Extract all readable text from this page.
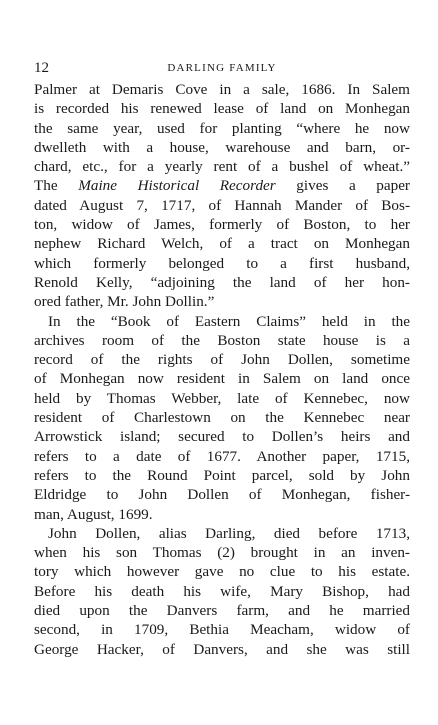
12	DARLING FAMILY
Palmer at Demaris Cove in a sale, 1686. In Salem
is recorded his renewed lease of land on Monhegan
the same year, used for planting “where he now
dwelleth with a house, warehouse and barn, or-
chard, etc., for a yearly rent of a bushel of wheat.”
The Maine Historical Recorder gives a paper
dated August 7, 1717, of Hannah Mander of Bos-
ton, widow of James, formerly of Boston, to her
nephew Richard Welch, of a tract on Monhegan
which formerly belonged to a first husband,
Renold Kelly, “adjoining the land of her hon-
ored father, Mr. John Dollin.”
In the “Book of Eastern Claims” held in the
archives room of the Boston state house is a
record of the rights of John Dollen, sometime
of Monhegan now resident in Salem on land once
held by Thomas Webber, late of Kennebec, now
resident of Charlestown on the Kennebec near
Arrowstick island; secured to Dollen’s heirs and
refers to a date of 1677. Another paper, 1715,
refers to the Round Point parcel, sold by John
Eldridge to John Dollen of Monhegan, fisher-
man, August, 1699.
John Dollen, alias Darling, died before 1713,
when his son Thomas (2) brought in an inven-
tory which however gave no clue to his estate.
Before his death his wife, Mary Bishop, had
died upon the Danvers farm, and he married
second, in 1709, Bethia Meacham, widow of
George Hacker, of Danvers, and she was still
